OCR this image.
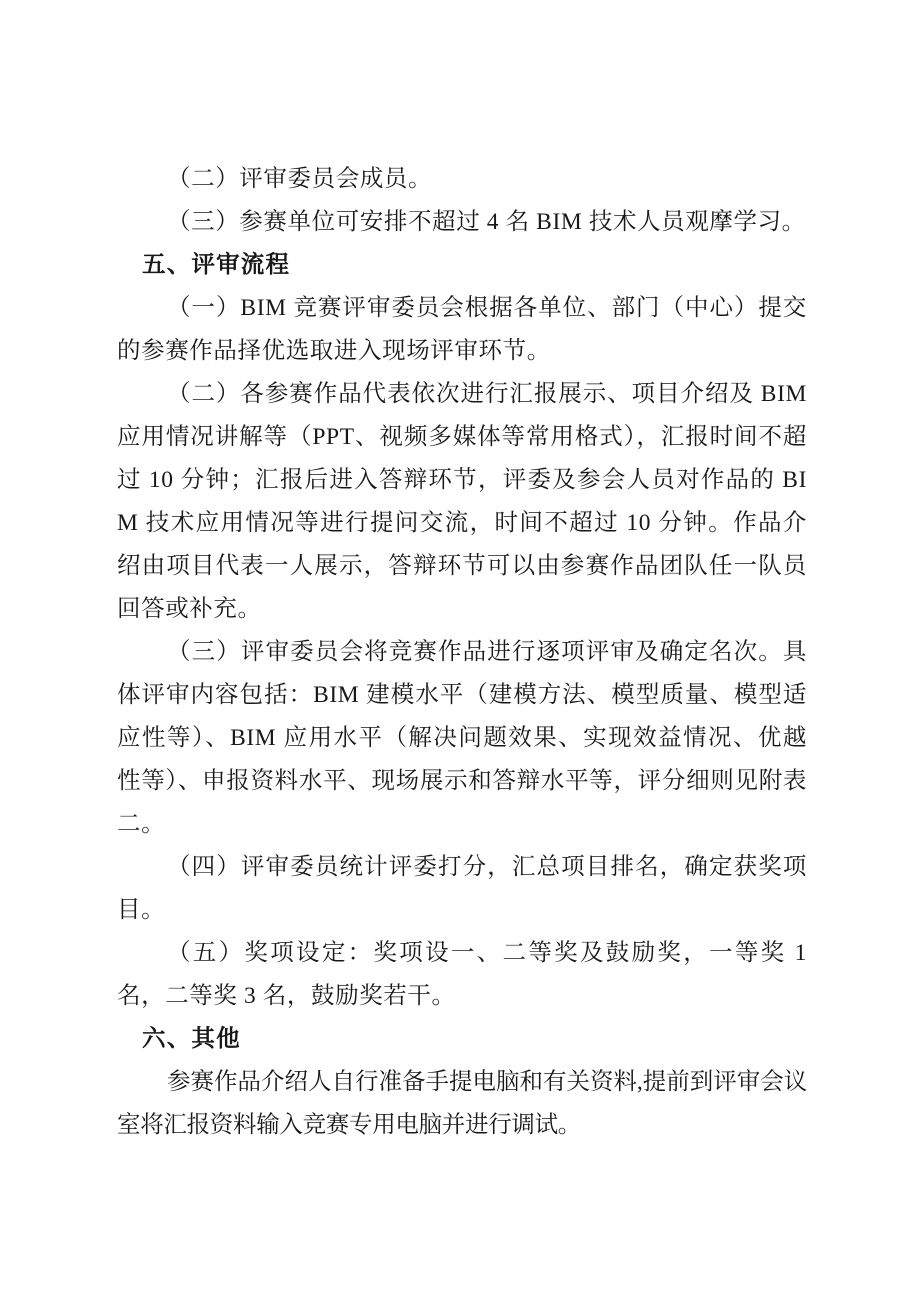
（二）评审委员会成员。

（三）参赛单位可安排不超过 4 名 BIM 技术人员观摩学习。

五、评审流程

（一）BIM 竞赛评审委员会根据各单位、部门（中心）提交的参赛作品择优选取进入现场评审环节。

（二）各参赛作品代表依次进行汇报展示、项目介绍及 BIM 应用情况讲解等（PPT、视频多媒体等常用格式），汇报时间不超过 10 分钟；汇报后进入答辩环节，评委及参会人员对作品的 BIM 技术应用情况等进行提问交流，时间不超过 10 分钟。作品介绍由项目代表一人展示，答辩环节可以由参赛作品团队任一队员回答或补充。

（三）评审委员会将竞赛作品进行逐项评审及确定名次。具体评审内容包括：BIM 建模水平（建模方法、模型质量、模型适应性等）、BIM 应用水平（解决问题效果、实现效益情况、优越性等）、申报资料水平、现场展示和答辩水平等，评分细则见附表二。

（四）评审委员统计评委打分，汇总项目排名，确定获奖项目。

（五）奖项设定：奖项设一、二等奖及鼓励奖，一等奖 1 名，二等奖 3 名，鼓励奖若干。

六、其他

参赛作品介绍人自行准备手提电脑和有关资料,提前到评审会议室将汇报资料输入竞赛专用电脑并进行调试。
